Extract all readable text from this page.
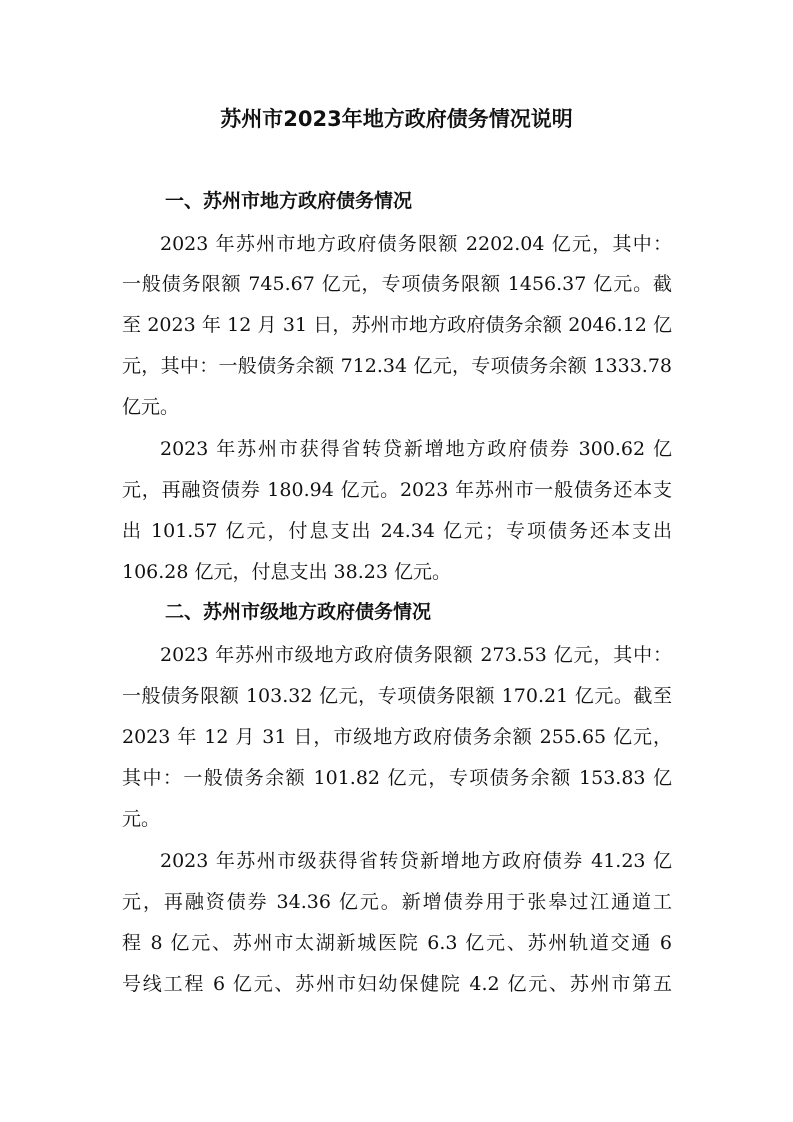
苏州市2023年地方政府债务情况说明
一、苏州市地方政府债务情况

2023 年苏州市地方政府债务限额 2202.04 亿元，其中：

一般债务限额 745.67 亿元，专项债务限额 1456.37 亿元。截

至 2023 年 12 月 31 日，苏州市地方政府债务余额 2046.12 亿

元，其中：一般债务余额 712.34 亿元，专项债务余额 1333.78

亿元。

2023 年苏州市获得省转贷新增地方政府债券 300.62 亿

元，再融资债券 180.94 亿元。2023 年苏州市一般债务还本支

出 101.57 亿元，付息支出 24.34 亿元；专项债务还本支出

106.28 亿元，付息支出 38.23 亿元。

二、苏州市级地方政府债务情况

2023 年苏州市级地方政府债务限额 273.53 亿元，其中：

一般债务限额 103.32 亿元，专项债务限额 170.21 亿元。截至

2023 年 12 月 31 日，市级地方政府债务余额 255.65 亿元，

其中：一般债务余额 101.82 亿元，专项债务余额 153.83 亿

元。

2023 年苏州市级获得省转贷新增地方政府债券 41.23 亿

元，再融资债券 34.36 亿元。新增债券用于张皋过江通道工

程 8 亿元、苏州市太湖新城医院 6.3 亿元、苏州轨道交通 6

号线工程 6 亿元、苏州市妇幼保健院 4.2 亿元、苏州市第五
